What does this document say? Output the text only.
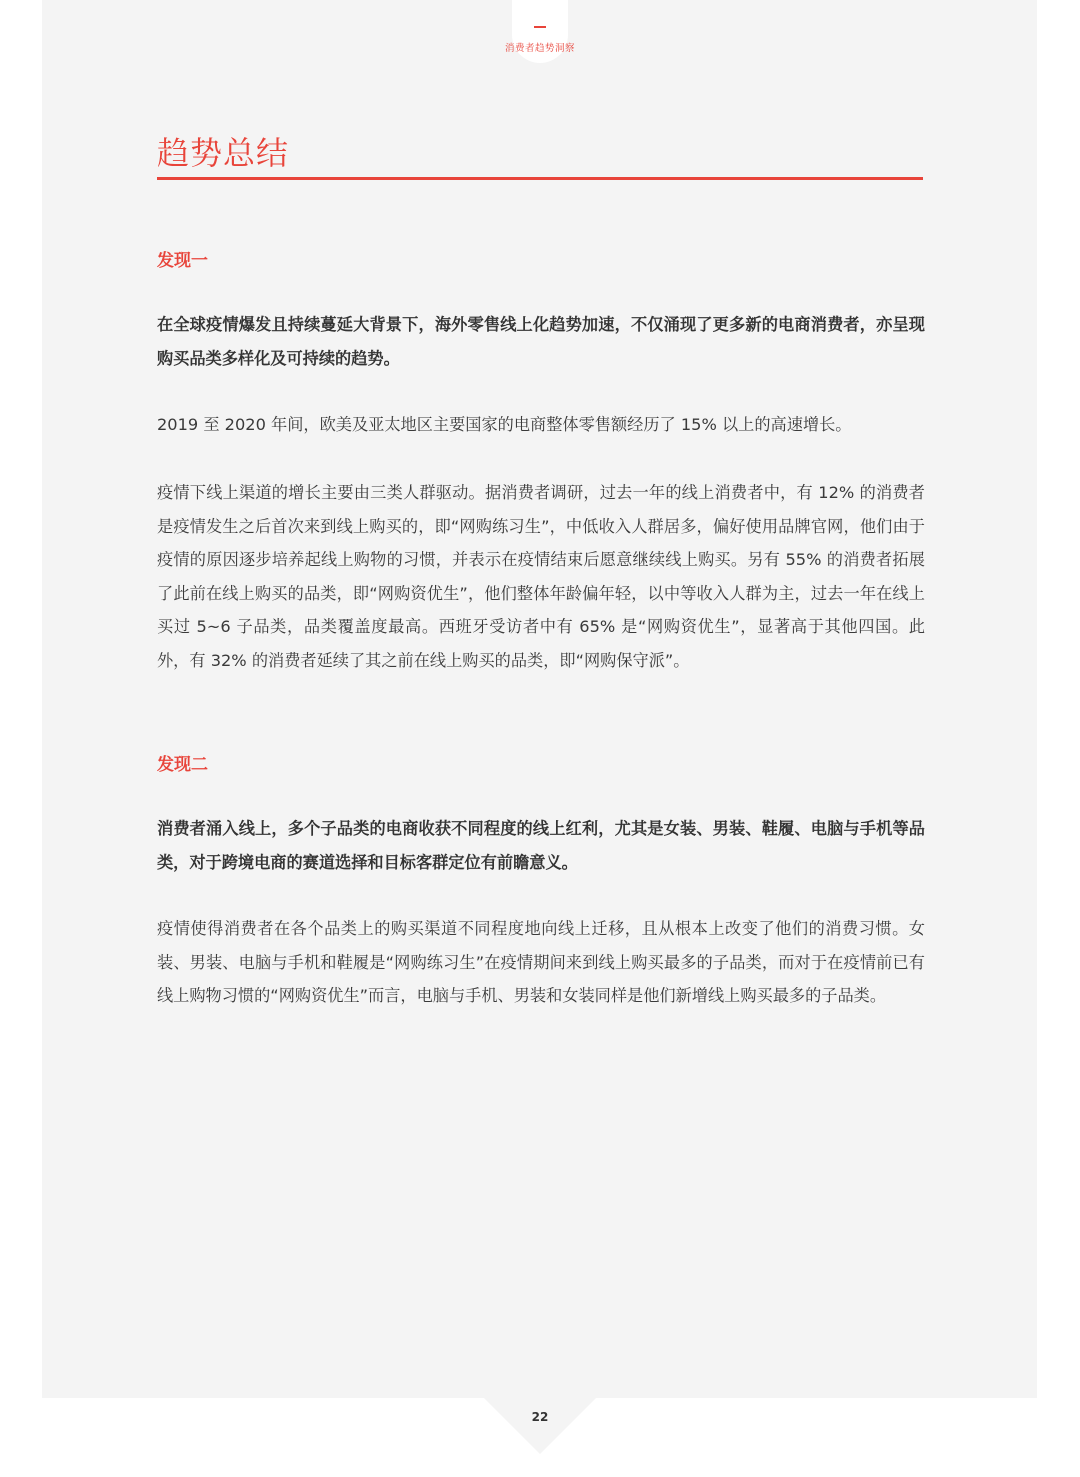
消费者趋势洞察
趋势总结

发现一

在全球疫情爆发且持续蔓延大背景下，海外零售线上化趋势加速，不仅涌现了更多新的电商消费者，亦呈现购买品类多样化及可持续的趋势。

2019 至 2020 年间，欧美及亚太地区主要国家的电商整体零售额经历了 15% 以上的高速增长。

疫情下线上渠道的增长主要由三类人群驱动。据消费者调研，过去一年的线上消费者中，有 12% 的消费者是疫情发生之后首次来到线上购买的，即“网购练习生”，中低收入人群居多，偏好使用品牌官网，他们由于疫情的原因逐步培养起线上购物的习惯，并表示在疫情结束后愿意继续线上购买。另有 55% 的消费者拓展了此前在线上购买的品类，即“网购资优生”，他们整体年龄偏年轻，以中等收入人群为主，过去一年在线上买过 5~6 子品类，品类覆盖度最高。西班牙受访者中有 65% 是“网购资优生”，显著高于其他四国。此外，有 32% 的消费者延续了其之前在线上购买的品类，即“网购保守派”。

发现二

消费者涌入线上，多个子品类的电商收获不同程度的线上红利，尤其是女装、男装、鞋履、电脑与手机等品类，对于跨境电商的赛道选择和目标客群定位有前瞻意义。

疫情使得消费者在各个品类上的购买渠道不同程度地向线上迁移，且从根本上改变了他们的消费习惯。女装、男装、电脑与手机和鞋履是“网购练习生”在疫情期间来到线上购买最多的子品类，而对于在疫情前已有线上购物习惯的“网购资优生”而言，电脑与手机、男装和女装同样是他们新增线上购买最多的子品类。

22
